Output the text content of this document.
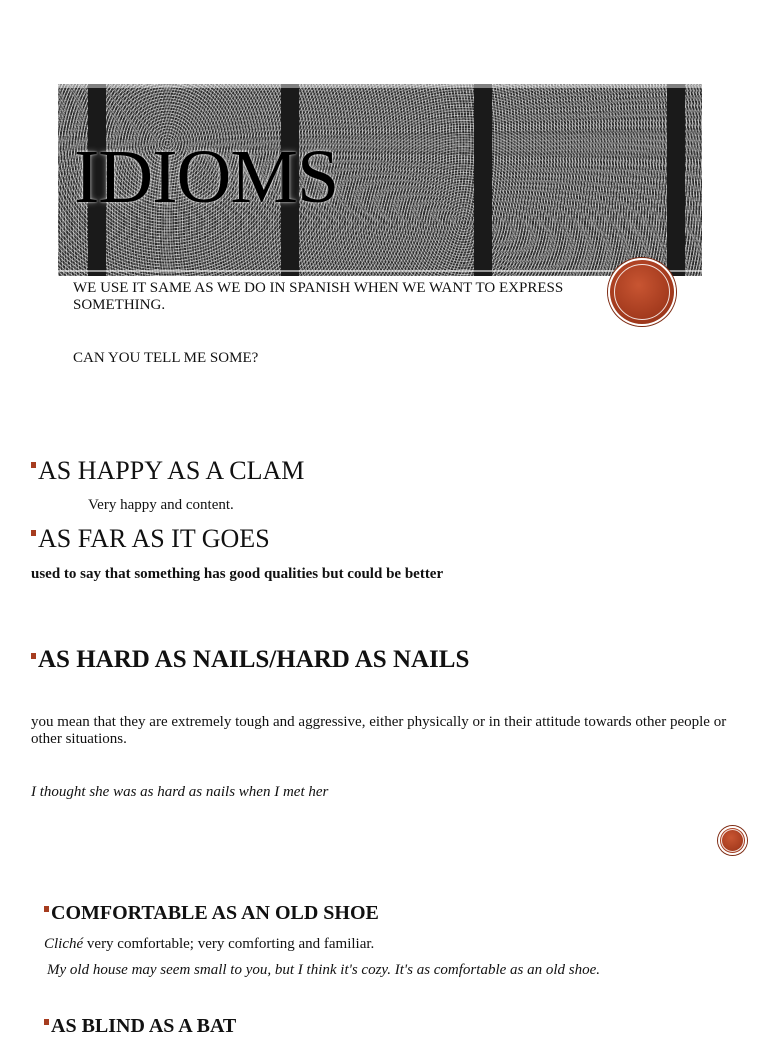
IDIOMS
WE USE IT SAME AS WE DO IN SPANISH WHEN WE WANT TO EXPRESS SOMETHING.
CAN YOU TELL ME SOME?
AS HAPPY AS A CLAM
Very happy and content.
AS FAR AS IT GOES
used to say that something has good qualities but could be better
AS HARD AS NAILS/HARD AS NAILS
you mean that they are extremely tough and aggressive, either physically or in their attitude towards other people or other situations.
I thought she was as hard as nails when I met her
COMFORTABLE AS AN OLD SHOE
Cliché very comfortable; very comforting and familiar.
My old house may seem small to you, but I think it's cozy. It's as comfortable as an old shoe.
AS BLIND AS A BAT
